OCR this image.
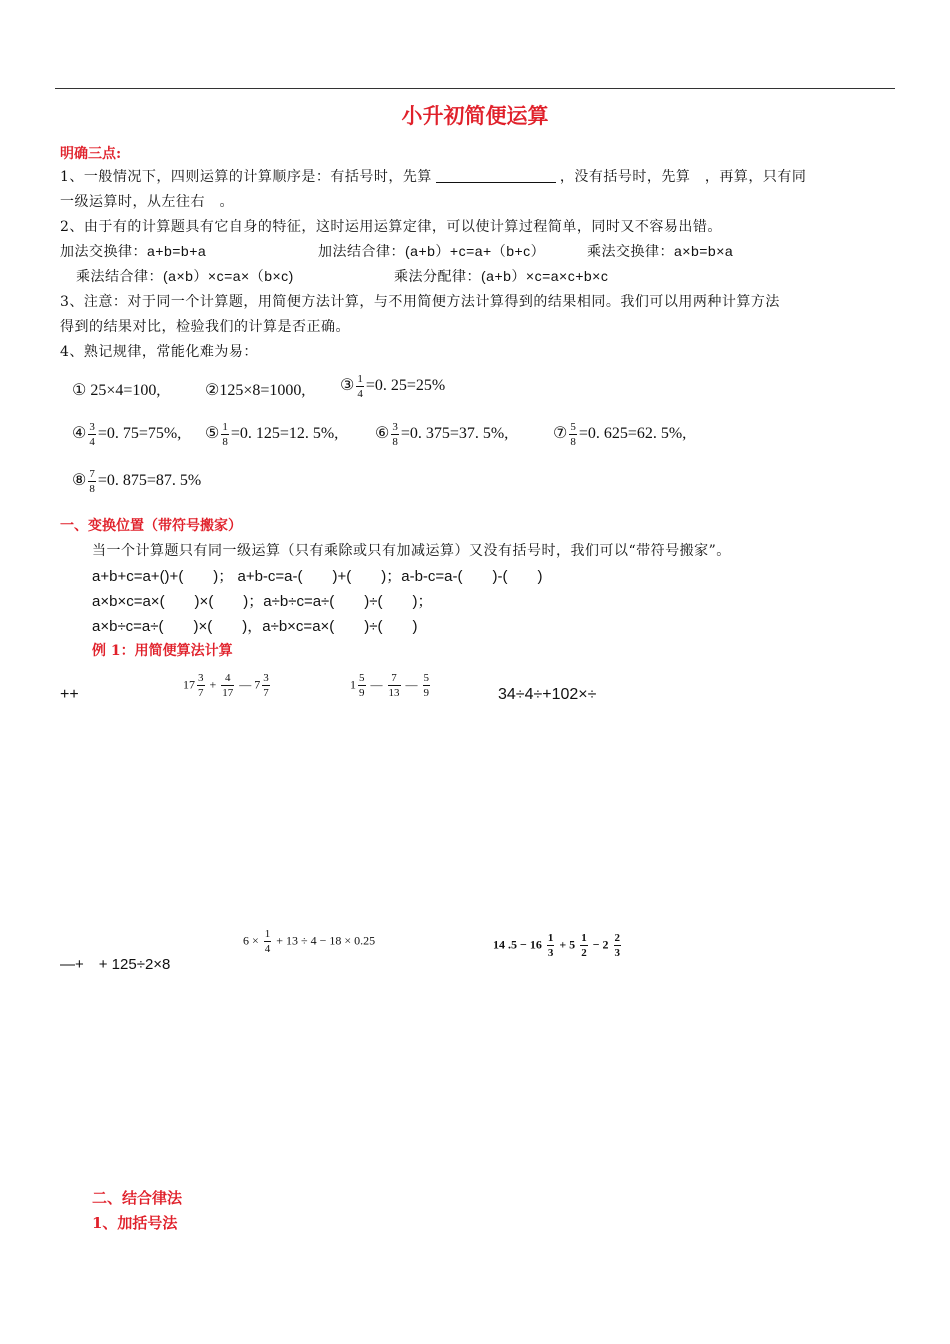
小升初简便运算
明确三点:
1、一般情况下，四则运算的计算顺序是：有括号时，先算	，没有括号时，先算　，再算，只有同
一级运算时，从左往右　。
2、由于有的计算题具有它自身的特征，这时运用运算定律，可以使计算过程简单，同时又不容易出错。
加法交换律：a+b=b+a	加法结合律：(a+b）+c=a+（b+c）	乘法交换律：a×b=b×a
乘法结合律：(a×b）×c=a×（b×c)	乘法分配律：(a+b）×c=a×c+b×c
3、注意：对于同一个计算题，用简便方法计算，与不用简便方法计算得到的结果相同。我们可以用两种计算方法
得到的结果对比，检验我们的计算是否正确。
4、熟记规律，常能化难为易：
① 25×4=100,	②125×8=1000, ③ $\frac{1}{4} =0$. 25=25%
④ $\frac{3}{4} =0$. 75=75%, ⑤ $\frac{1}{8} =0$. 125=12. 5%, ⑥ $\frac{3}{8} =0$. 375=37. 5%,	⑦ $\frac{5}{8} =0$. 625=62. 5%,
⑧ $\frac{7}{8} =0$. 875=87. 5%
一、变换位置（带符号搬家）
当一个计算题只有同一级运算（只有乘除或只有加减运算）又没有括号时，我们可以“带符号搬家”。
a+b+c=a+()+(　　)； a+b-c=a-(　　)+(　　)；a-b-c=a-(　　)-(　　)
a×b×c=a×(　　)×(　　)；a÷b÷c=a÷(　　)÷(　　)；
a×b÷c=a÷(　　)×(　　)，a÷b×c=a×(　　)÷(　　)
例 1：用简便算法计算
++
$17 \frac{3}{7} + \frac{4}{17}$ — $7 \frac{3}{7}$	$1 \frac{5}{9}$ — $\frac{7}{13}$ — $\frac{5}{9}$	34÷4÷+102×÷
—+　+ 125÷2×8
$6 \times \frac{1}{4} + 13 \div 4 - 18 \times 0.25$	14 $.5 - 16 \frac{1}{3} + 5 \frac{1}{2} - 2 \frac{2}{3}$
二、结合律法
1、加括号法
